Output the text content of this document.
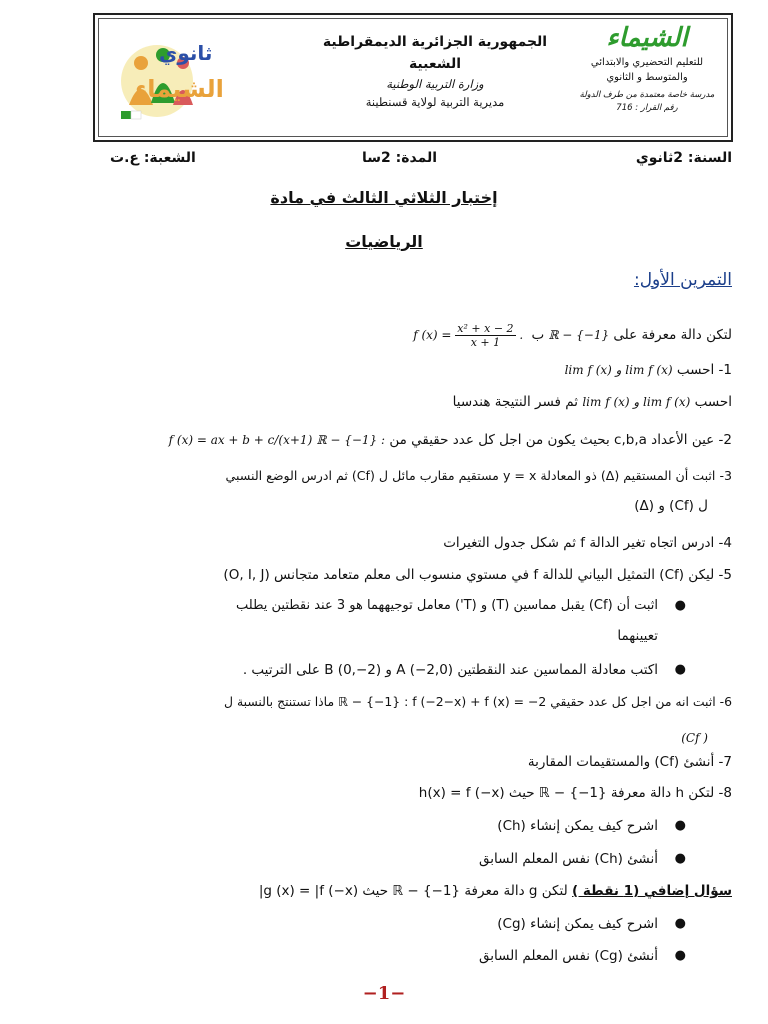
ثانوي
الشيماء
الجمهورية الجزائرية الديمقراطية الشعبية
وزارة التربية الوطنية
مديرية التربية لولاية قسنطينة
الشيماء
للتعليم التحضيري والابتدائي
والمتوسط و الثانوي
مدرسة خاصة معتمدة من طرف الدولة
رقم القرار : 716
السنة: 2ثانوي
المدة: 2سا
الشعبة: ع.ت
إختبار الثلاثي الثالث في مادة
الرياضيات
التمرين الأول:
لتكن دالة معرفة على ℝ − {−1} ب f $(x) = \frac{\text{x² + x − 2}}{x + 1}$ .
1- احسب lim f (x) و lim f (x)
احسب lim f (x) و lim f (x) ثم فسر النتيجة هندسيا
2- عين الأعداد c,b,a بحيث يكون من اجل كل عدد حقيقي من ℝ − {−1} : f (x) = ax + b + c/(x+1)
3- اثبت أن المستقيم (Δ) ذو المعادلة y = x مستقيم مقارب مائل ل (Cf) ثم ادرس الوضع النسبي
ل (Cf) و (Δ)
4- ادرس اتجاه تغير الدالة f ثم شكل جدول التغيرات
5- ليكن (Cf) التمثيل البياني للدالة f في مستوي منسوب الى معلم متعامد متجانس (O, I, J)
●
اثبت أن (Cf) يقبل مماسين (T) و (T') معامل توجيههما هو 3 عند نقطتين يطلب
تعيينهما
●
اكتب معادلة المماسين عند النقطتين A (−2,0) و B (0,−2) على الترتيب .
6- اثبت انه من اجل كل عدد حقيقي ℝ − {−1} : f (−2−x) + f (x) = −2 ماذا تستنتج بالنسبة ل
(Cf )
7- أنشئ (Cf) والمستقيمات المقاربة
8- لتكن h دالة معرفة ℝ − {−1} حيث h(x) = f (−x)
●
اشرح كيف يمكن إنشاء (Ch)
●
أنشئ (Ch) نفس المعلم السابق
سؤال إضافي (1 نقطة ) لتكن g دالة معرفة ℝ − {−1} حيث g (x) = |f (−x)|
●
اشرح كيف يمكن إنشاء (Cg)
●
أنشئ (Cg) نفس المعلم السابق
−1−
